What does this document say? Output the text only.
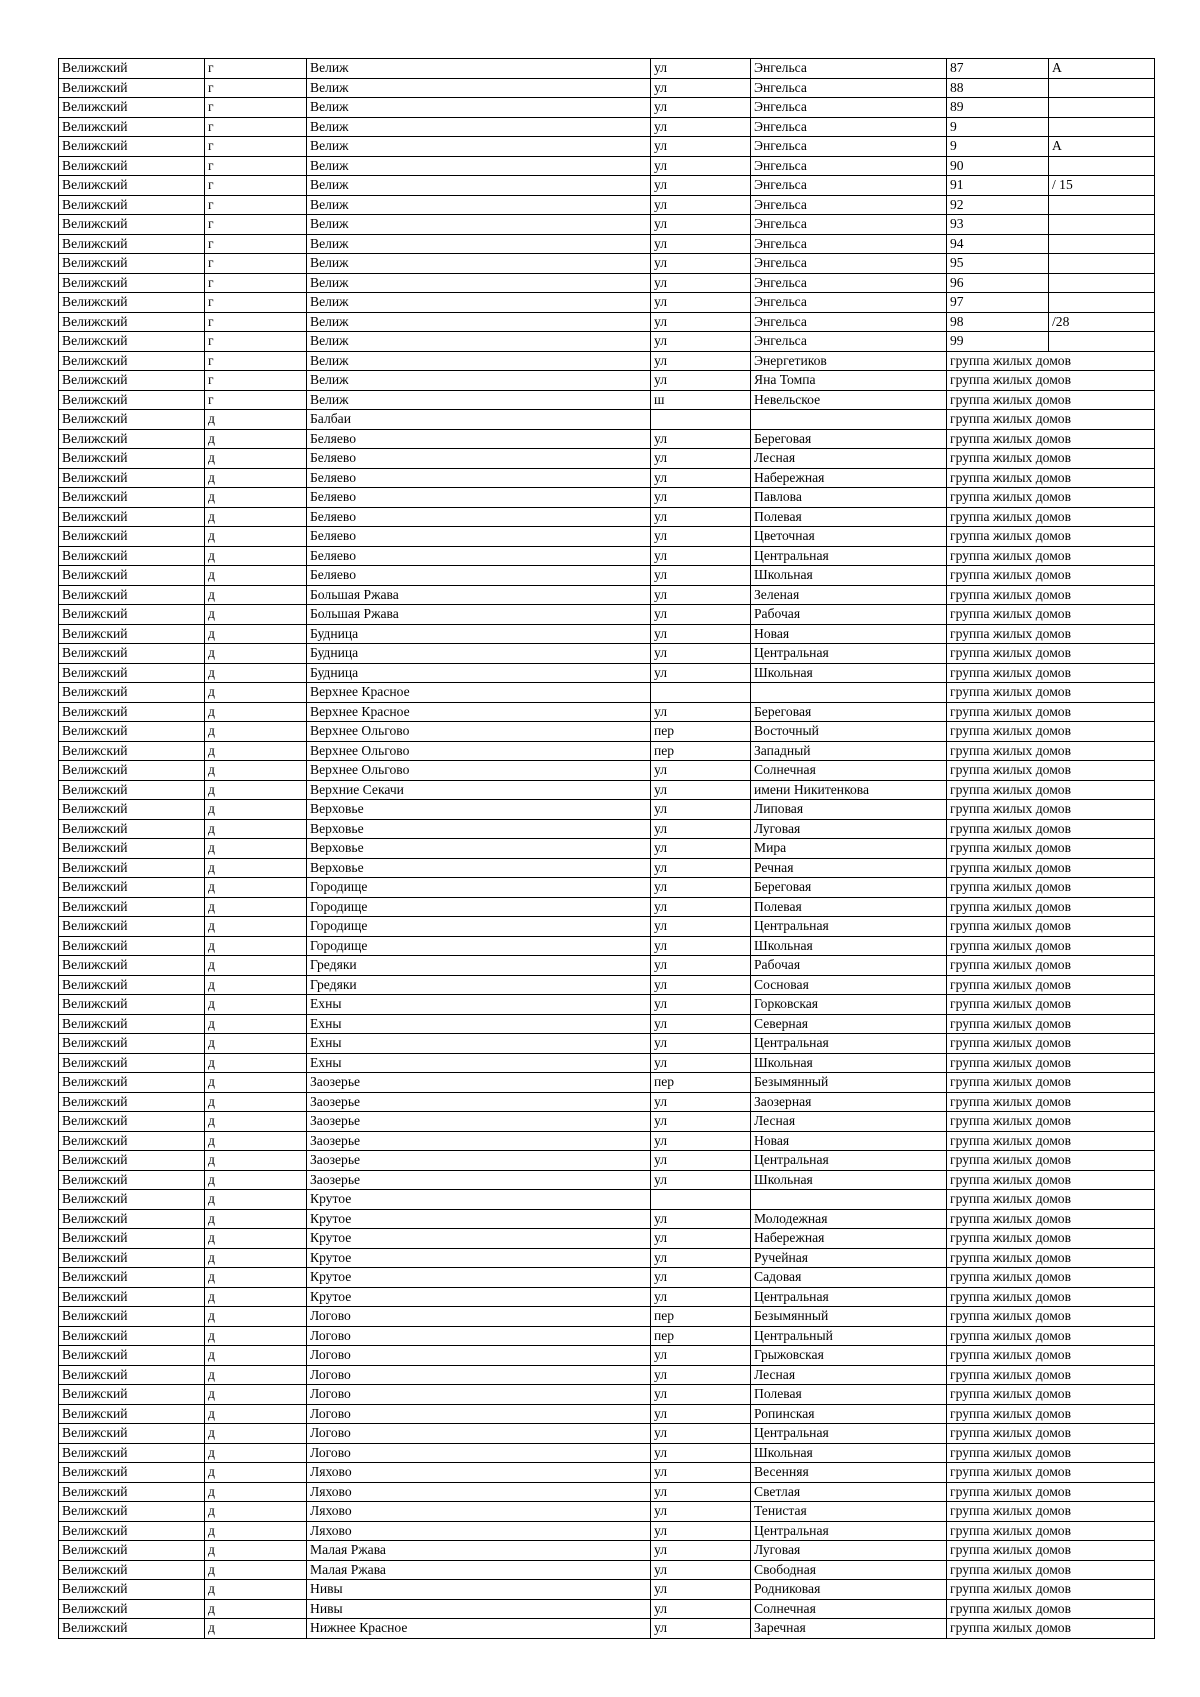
Велижский	г	Велиж	ул	Энгельса	87	А
Велижский	г	Велиж	ул	Энгельса	88	
Велижский	г	Велиж	ул	Энгельса	89	
Велижский	г	Велиж	ул	Энгельса	9	
Велижский	г	Велиж	ул	Энгельса	9	А
Велижский	г	Велиж	ул	Энгельса	90	
Велижский	г	Велиж	ул	Энгельса	91	/ 15
Велижский	г	Велиж	ул	Энгельса	92	
Велижский	г	Велиж	ул	Энгельса	93	
Велижский	г	Велиж	ул	Энгельса	94	
Велижский	г	Велиж	ул	Энгельса	95	
Велижский	г	Велиж	ул	Энгельса	96	
Велижский	г	Велиж	ул	Энгельса	97	
Велижский	г	Велиж	ул	Энгельса	98	/28
Велижский	г	Велиж	ул	Энгельса	99	
Велижский	г	Велиж	ул	Энергетиков	группа жилых домов	
Велижский	г	Велиж	ул	Яна Томпа	группа жилых домов	
Велижский	г	Велиж	ш	Невельское	группа жилых домов	
Велижский	д	Балбаи			группа жилых домов	
Велижский	д	Беляево	ул	Береговая	группа жилых домов	
Велижский	д	Беляево	ул	Лесная	группа жилых домов	
Велижский	д	Беляево	ул	Набережная	группа жилых домов	
Велижский	д	Беляево	ул	Павлова	группа жилых домов	
Велижский	д	Беляево	ул	Полевая	группа жилых домов	
Велижский	д	Беляево	ул	Цветочная	группа жилых домов	
Велижский	д	Беляево	ул	Центральная	группа жилых домов	
Велижский	д	Беляево	ул	Школьная	группа жилых домов	
Велижский	д	Большая Ржава	ул	Зеленая	группа жилых домов	
Велижский	д	Большая Ржава	ул	Рабочая	группа жилых домов	
Велижский	д	Будница	ул	Новая	группа жилых домов	
Велижский	д	Будница	ул	Центральная	группа жилых домов	
Велижский	д	Будница	ул	Школьная	группа жилых домов	
Велижский	д	Верхнее Красное			группа жилых домов	
Велижский	д	Верхнее Красное	ул	Береговая	группа жилых домов	
Велижский	д	Верхнее Ольгово	пер	Восточный	группа жилых домов	
Велижский	д	Верхнее Ольгово	пер	Западный	группа жилых домов	
Велижский	д	Верхнее Ольгово	ул	Солнечная	группа жилых домов	
Велижский	д	Верхние Секачи	ул	имени Никитенкова	группа жилых домов	
Велижский	д	Верховье	ул	Липовая	группа жилых домов	
Велижский	д	Верховье	ул	Луговая	группа жилых домов	
Велижский	д	Верховье	ул	Мира	группа жилых домов	
Велижский	д	Верховье	ул	Речная	группа жилых домов	
Велижский	д	Городище	ул	Береговая	группа жилых домов	
Велижский	д	Городище	ул	Полевая	группа жилых домов	
Велижский	д	Городище	ул	Центральная	группа жилых домов	
Велижский	д	Городище	ул	Школьная	группа жилых домов	
Велижский	д	Гредяки	ул	Рабочая	группа жилых домов	
Велижский	д	Гредяки	ул	Сосновая	группа жилых домов	
Велижский	д	Ехны	ул	Горковская	группа жилых домов	
Велижский	д	Ехны	ул	Северная	группа жилых домов	
Велижский	д	Ехны	ул	Центральная	группа жилых домов	
Велижский	д	Ехны	ул	Школьная	группа жилых домов	
Велижский	д	Заозерье	пер	Безымянный	группа жилых домов	
Велижский	д	Заозерье	ул	Заозерная	группа жилых домов	
Велижский	д	Заозерье	ул	Лесная	группа жилых домов	
Велижский	д	Заозерье	ул	Новая	группа жилых домов	
Велижский	д	Заозерье	ул	Центральная	группа жилых домов	
Велижский	д	Заозерье	ул	Школьная	группа жилых домов	
Велижский	д	Крутое			группа жилых домов	
Велижский	д	Крутое	ул	Молодежная	группа жилых домов	
Велижский	д	Крутое	ул	Набережная	группа жилых домов	
Велижский	д	Крутое	ул	Ручейная	группа жилых домов	
Велижский	д	Крутое	ул	Садовая	группа жилых домов	
Велижский	д	Крутое	ул	Центральная	группа жилых домов	
Велижский	д	Логово	пер	Безымянный	группа жилых домов	
Велижский	д	Логово	пер	Центральный	группа жилых домов	
Велижский	д	Логово	ул	Грыжовская	группа жилых домов	
Велижский	д	Логово	ул	Лесная	группа жилых домов	
Велижский	д	Логово	ул	Полевая	группа жилых домов	
Велижский	д	Логово	ул	Ропинская	группа жилых домов	
Велижский	д	Логово	ул	Центральная	группа жилых домов	
Велижский	д	Логово	ул	Школьная	группа жилых домов	
Велижский	д	Ляхово	ул	Весенняя	группа жилых домов	
Велижский	д	Ляхово	ул	Светлая	группа жилых домов	
Велижский	д	Ляхово	ул	Тенистая	группа жилых домов	
Велижский	д	Ляхово	ул	Центральная	группа жилых домов	
Велижский	д	Малая Ржава	ул	Луговая	группа жилых домов	
Велижский	д	Малая Ржава	ул	Свободная	группа жилых домов	
Велижский	д	Нивы	ул	Родниковая	группа жилых домов	
Велижский	д	Нивы	ул	Солнечная	группа жилых домов	
Велижский	д	Нижнее Красное	ул	Заречная	группа жилых домов	
